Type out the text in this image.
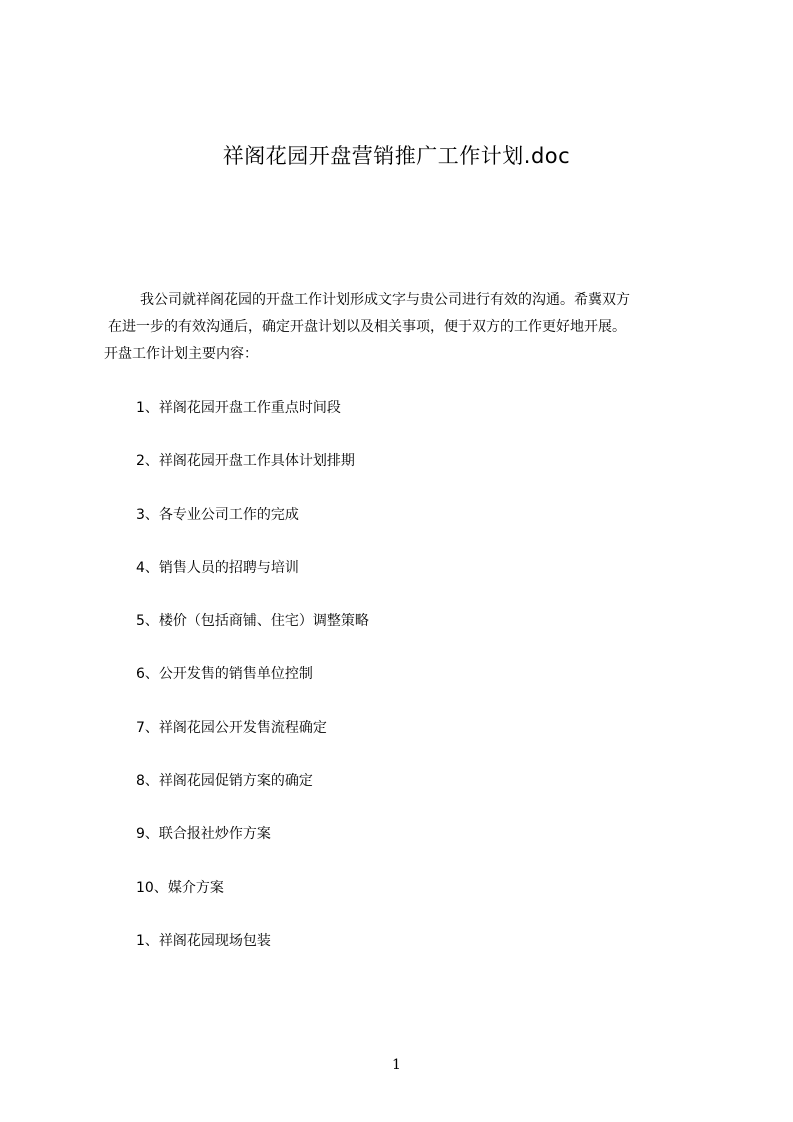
祥阁花园开盘营销推广工作计划.doc

我公司就祥阁花园的开盘工作计划形成文字与贵公司进行有效的沟通。希冀双方

在进一步的有效沟通后，确定开盘计划以及相关事项，便于双方的工作更好地开展。

开盘工作计划主要内容：

1、祥阁花园开盘工作重点时间段
2、祥阁花园开盘工作具体计划排期
3、各专业公司工作的完成
4、销售人员的招聘与培训
5、楼价（包括商铺、住宅）调整策略
6、公开发售的销售单位控制
7、祥阁花园公开发售流程确定
8、祥阁花园促销方案的确定
9、联合报社炒作方案
10、媒介方案
1、祥阁花园现场包装
1
